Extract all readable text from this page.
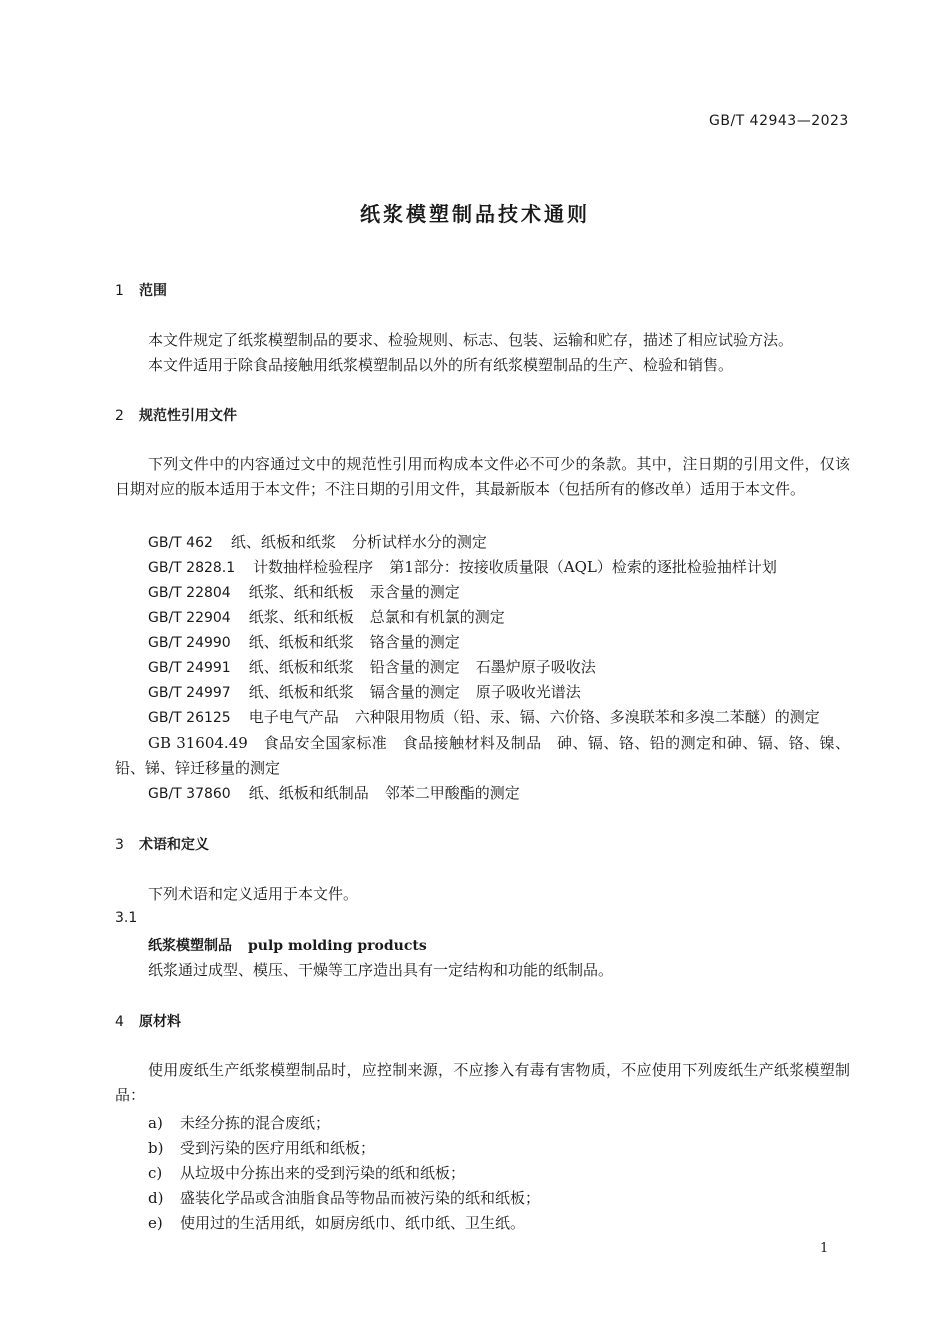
GB/T 42943—2023
纸浆模塑制品技术通则
1 范围
本文件规定了纸浆模塑制品的要求、检验规则、标志、包装、运输和贮存，描述了相应试验方法。
本文件适用于除食品接触用纸浆模塑制品以外的所有纸浆模塑制品的生产、检验和销售。
2 规范性引用文件
下列文件中的内容通过文中的规范性引用而构成本文件必不可少的条款。其中，注日期的引用文件，仅该日期对应的版本适用于本文件；不注日期的引用文件，其最新版本（包括所有的修改单）适用于本文件。
GB/T 462 纸、纸板和纸浆 分析试样水分的测定
GB/T 2828.1 计数抽样检验程序 第1部分：按接收质量限（AQL）检索的逐批检验抽样计划
GB/T 22804 纸浆、纸和纸板 汞含量的测定
GB/T 22904 纸浆、纸和纸板 总氯和有机氯的测定
GB/T 24990 纸、纸板和纸浆 铬含量的测定
GB/T 24991 纸、纸板和纸浆 铅含量的测定 石墨炉原子吸收法
GB/T 24997 纸、纸板和纸浆 镉含量的测定 原子吸收光谱法
GB/T 26125 电子电气产品 六种限用物质（铅、汞、镉、六价铬、多溴联苯和多溴二苯醚）的测定
GB 31604.49　食品安全国家标准　食品接触材料及制品　砷、镉、铬、铅的测定和砷、镉、铬、镍、铅、锑、锌迁移量的测定
GB/T 37860 纸、纸板和纸制品 邻苯二甲酸酯的测定
3 术语和定义
下列术语和定义适用于本文件。
3.1
纸浆模塑制品 pulp molding products
纸浆通过成型、模压、干燥等工序造出具有一定结构和功能的纸制品。
4 原材料
使用废纸生产纸浆模塑制品时，应控制来源，不应掺入有毒有害物质，不应使用下列废纸生产纸浆模塑制品：
a) 未经分拣的混合废纸；
b) 受到污染的医疗用纸和纸板；
c) 从垃圾中分拣出来的受到污染的纸和纸板；
d) 盛装化学品或含油脂食品等物品而被污染的纸和纸板；
e) 使用过的生活用纸，如厨房纸巾、纸巾纸、卫生纸。
1
